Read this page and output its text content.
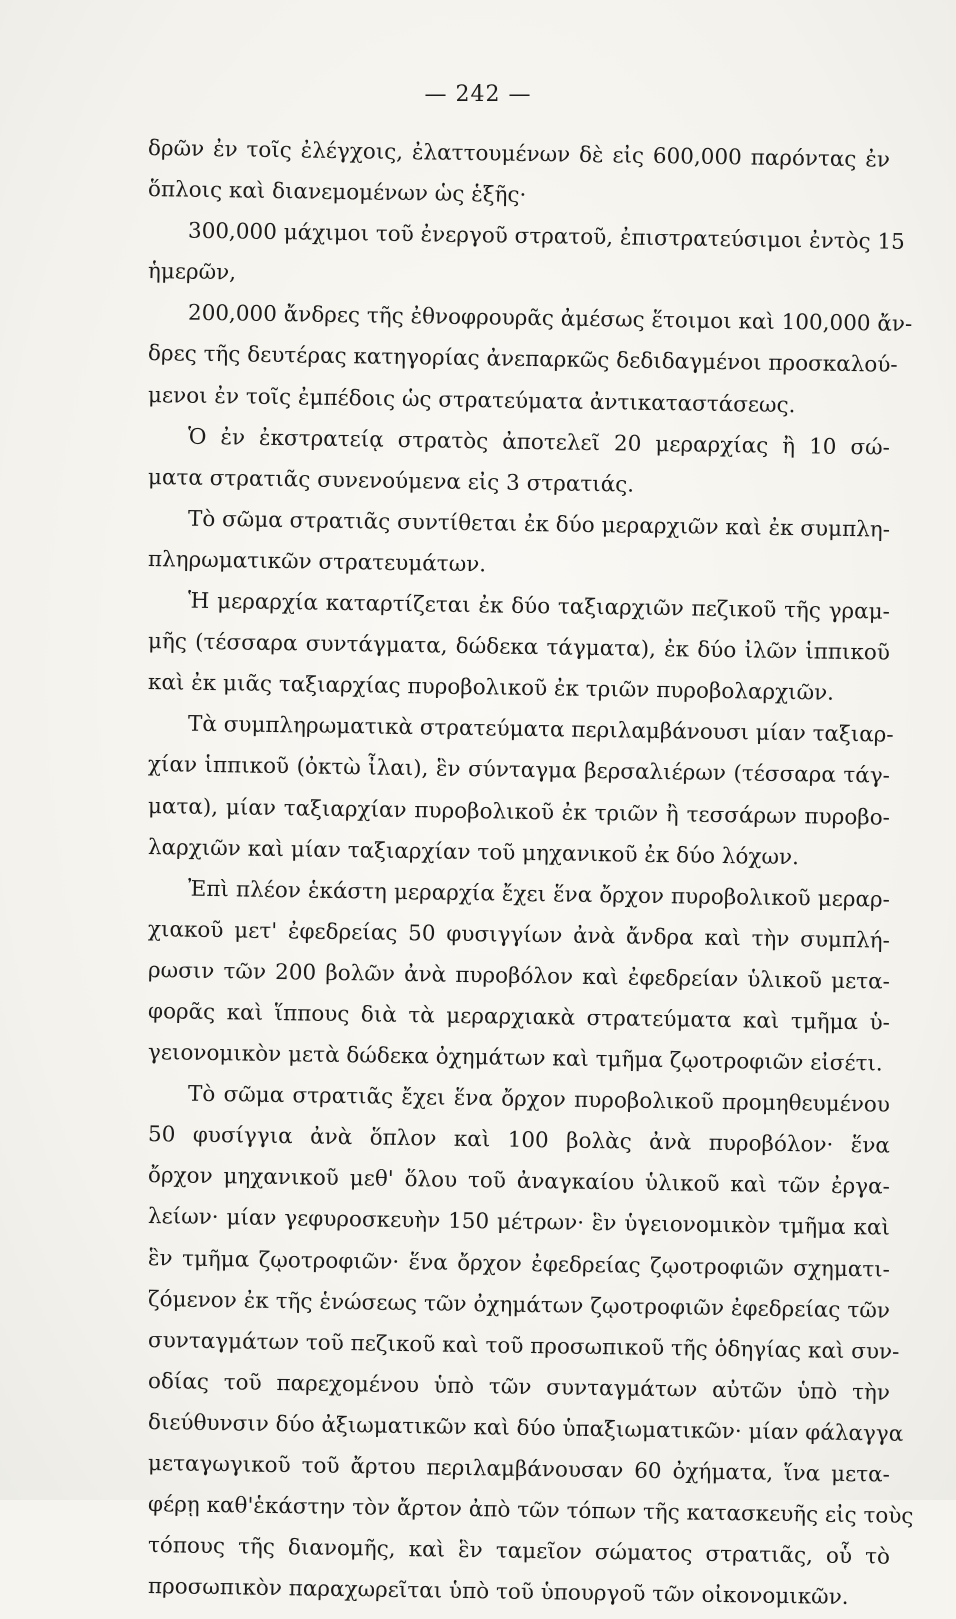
— 242 —
δρῶν ἐν τοῖς ἐλέγχοις, ἐλαττουμένων δὲ εἰς 600,000 παρόντας ἐν
ὅπλοις καὶ διανεμομένων ὡς ἑξῆς·
300,000 μάχιμοι τοῦ ἐνεργοῦ στρατοῦ, ἐπιστρατεύσιμοι ἐντὸς 15
ἡμερῶν,
200,000 ἄνδρες τῆς ἐθνοφρουρᾶς ἀμέσως ἕτοιμοι καὶ 100,000 ἄν-
δρες τῆς δευτέρας κατηγορίας ἀνεπαρκῶς δεδιδαγμένοι προσκαλού-
μενοι ἐν τοῖς ἐμπέδοις ὡς στρατεύματα ἀντικαταστάσεως.
Ὁ ἐν ἐκστρατείᾳ στρατὸς ἀποτελεῖ 20 μεραρχίας ἢ 10 σώ-
ματα στρατιᾶς συνενούμενα εἰς 3 στρατιάς.
Τὸ σῶμα στρατιᾶς συντίθεται ἐκ δύο μεραρχιῶν καὶ ἐκ συμπλη-
πληρωματικῶν στρατευμάτων.
Ἡ μεραρχία καταρτίζεται ἐκ δύο ταξιαρχιῶν πεζικοῦ τῆς γραμ-
μῆς (τέσσαρα συντάγματα, δώδεκα τάγματα), ἐκ δύο ἰλῶν ἱππικοῦ
καὶ ἐκ μιᾶς ταξιαρχίας πυροβολικοῦ ἐκ τριῶν πυροβολαρχιῶν.
Τὰ συμπληρωματικὰ στρατεύματα περιλαμβάνουσι μίαν ταξιαρ-
χίαν ἱππικοῦ (ὀκτὼ ἶλαι), ἓν σύνταγμα βερσαλιέρων (τέσσαρα τάγ-
ματα), μίαν ταξιαρχίαν πυροβολικοῦ ἐκ τριῶν ἢ τεσσάρων πυροβο-
λαρχιῶν καὶ μίαν ταξιαρχίαν τοῦ μηχανικοῦ ἐκ δύο λόχων.
Ἐπὶ πλέον ἑκάστη μεραρχία ἔχει ἕνα ὄρχον πυροβολικοῦ μεραρ-
χιακοῦ μετ' ἐφεδρείας 50 φυσιγγίων ἀνὰ ἄνδρα καὶ τὴν συμπλή-
ρωσιν τῶν 200 βολῶν ἀνὰ πυροβόλον καὶ ἐφεδρείαν ὑλικοῦ μετα-
φορᾶς καὶ ἵππους διὰ τὰ μεραρχιακὰ στρατεύματα καὶ τμῆμα ὑ-
γειονομικὸν μετὰ δώδεκα ὀχημάτων καὶ τμῆμα ζῳοτροφιῶν εἰσέτι.
Τὸ σῶμα στρατιᾶς ἔχει ἕνα ὄρχον πυροβολικοῦ προμηθευμένου
50 φυσίγγια ἀνὰ ὅπλον καὶ 100 βολὰς ἀνὰ πυροβόλον· ἕνα
ὄρχον μηχανικοῦ μεθ' ὅλου τοῦ ἀναγκαίου ὑλικοῦ καὶ τῶν ἐργα-
λείων· μίαν γεφυροσκευὴν 150 μέτρων· ἓν ὑγειονομικὸν τμῆμα καὶ
ἓν τμῆμα ζῳοτροφιῶν· ἕνα ὄρχον ἐφεδρείας ζῳοτροφιῶν σχηματι-
ζόμενον ἐκ τῆς ἑνώσεως τῶν ὀχημάτων ζῳοτροφιῶν ἐφεδρείας τῶν
συνταγμάτων τοῦ πεζικοῦ καὶ τοῦ προσωπικοῦ τῆς ὁδηγίας καὶ συν-
οδίας τοῦ παρεχομένου ὑπὸ τῶν συνταγμάτων αὐτῶν ὑπὸ τὴν
διεύθυνσιν δύο ἀξιωματικῶν καὶ δύο ὑπαξιωματικῶν· μίαν φάλαγγα
μεταγωγικοῦ τοῦ ἄρτου περιλαμβάνουσαν 60 ὀχήματα, ἵνα μετα-
φέρῃ καθ'ἑκάστην τὸν ἄρτον ἀπὸ τῶν τόπων τῆς κατασκευῆς εἰς τοὺς
τόπους τῆς διανομῆς, καὶ ἓν ταμεῖον σώματος στρατιᾶς, οὗ τὸ
προσωπικὸν παραχωρεῖται ὑπὸ τοῦ ὑπουργοῦ τῶν οἰκονομικῶν.
